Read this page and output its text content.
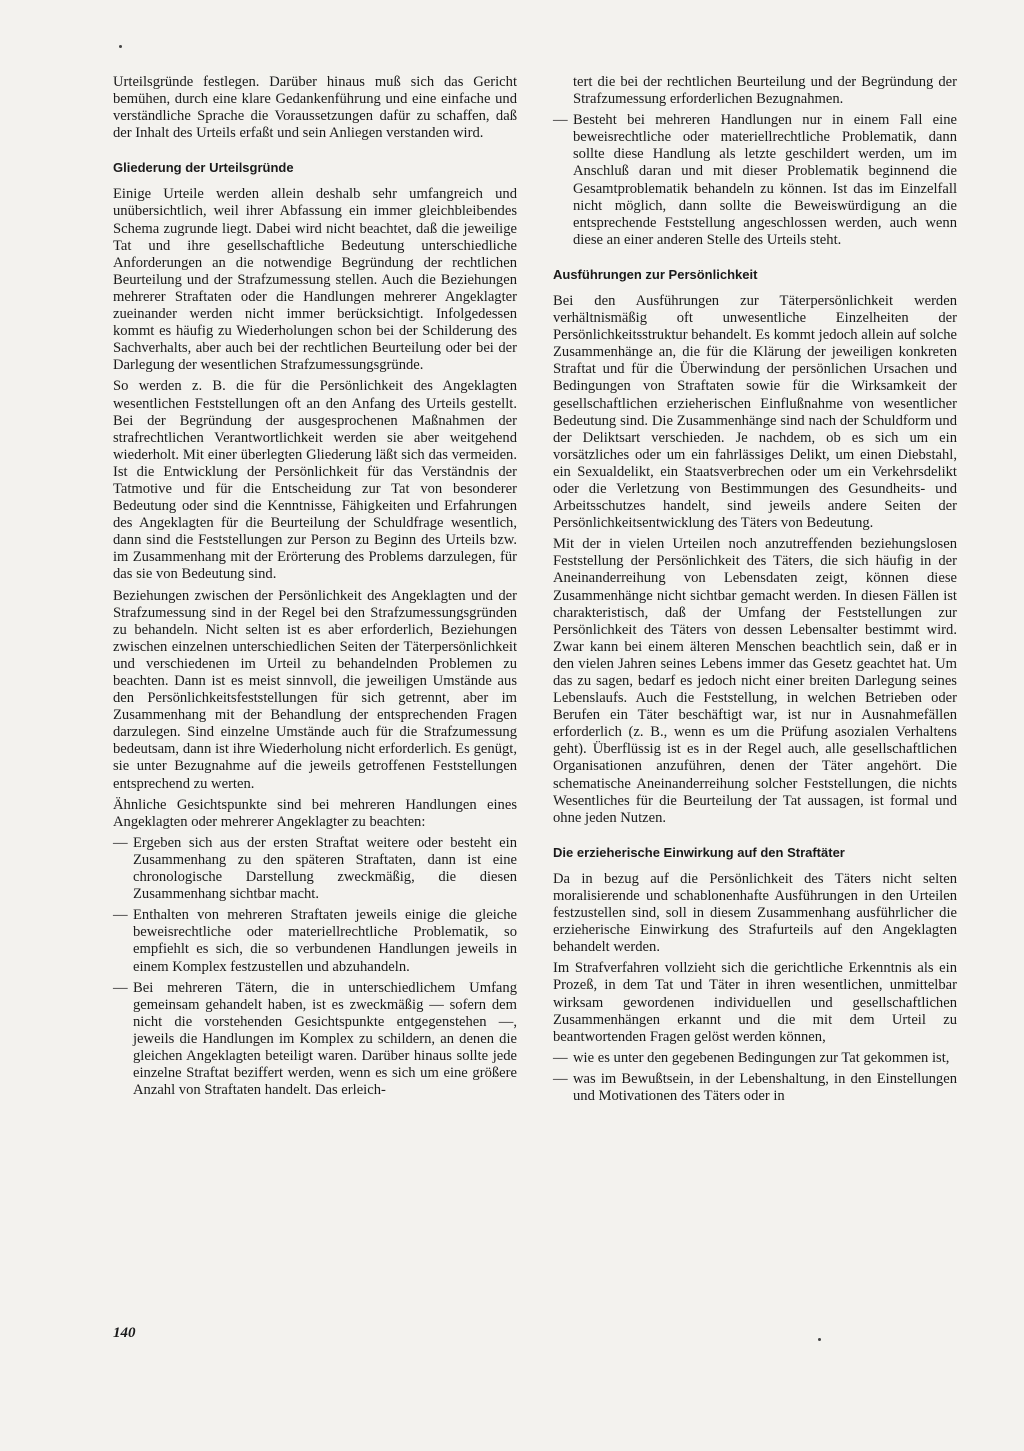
Urteilsgründe festlegen. Darüber hinaus muß sich das Gericht bemühen, durch eine klare Gedankenführung und eine einfache und verständliche Sprache die Voraussetzungen dafür zu schaffen, daß der Inhalt des Urteils erfaßt und sein Anliegen verstanden wird.

Gliederung der Urteilsgründe

Einige Urteile werden allein deshalb sehr umfangreich und unübersichtlich, weil ihrer Abfassung ein immer gleichbleibendes Schema zugrunde liegt. Dabei wird nicht beachtet, daß die jeweilige Tat und ihre gesellschaftliche Bedeutung unterschiedliche Anforderungen an die notwendige Begründung der rechtlichen Beurteilung und der Strafzumessung stellen. Auch die Beziehungen mehrerer Straftaten oder die Handlungen mehrerer Angeklagter zueinander werden nicht immer berücksichtigt. Infolgedessen kommt es häufig zu Wiederholungen schon bei der Schilderung des Sachverhalts, aber auch bei der rechtlichen Beurteilung oder bei der Darlegung der wesentlichen Strafzumessungsgründe.

So werden z. B. die für die Persönlichkeit des Angeklagten wesentlichen Feststellungen oft an den Anfang des Urteils gestellt. Bei der Begründung der ausgesprochenen Maßnahmen der strafrechtlichen Verantwortlichkeit werden sie aber weitgehend wiederholt. Mit einer überlegten Gliederung läßt sich das vermeiden. Ist die Entwicklung der Persönlichkeit für das Verständnis der Tatmotive und für die Entscheidung zur Tat von besonderer Bedeutung oder sind die Kenntnisse, Fähigkeiten und Erfahrungen des Angeklagten für die Beurteilung der Schuldfrage wesentlich, dann sind die Feststellungen zur Person zu Beginn des Urteils bzw. im Zusammenhang mit der Erörterung des Problems darzulegen, für das sie von Bedeutung sind.

Beziehungen zwischen der Persönlichkeit des Angeklagten und der Strafzumessung sind in der Regel bei den Strafzumessungsgründen zu behandeln. Nicht selten ist es aber erforderlich, Beziehungen zwischen einzelnen unterschiedlichen Seiten der Täterpersönlichkeit und verschiedenen im Urteil zu behandelnden Problemen zu beachten. Dann ist es meist sinnvoll, die jeweiligen Umstände aus den Persönlichkeitsfeststellungen für sich getrennt, aber im Zusammenhang mit der Behandlung der entsprechenden Fragen darzulegen. Sind einzelne Umstände auch für die Strafzumessung bedeutsam, dann ist ihre Wiederholung nicht erforderlich. Es genügt, sie unter Bezugnahme auf die jeweils getroffenen Feststellungen entsprechend zu werten.

Ähnliche Gesichtspunkte sind bei mehreren Handlungen eines Angeklagten oder mehrerer Angeklagter zu beachten:

— Ergeben sich aus der ersten Straftat weitere oder besteht ein Zusammenhang zu den späteren Straftaten, dann ist eine chronologische Darstellung zweckmäßig, die diesen Zusammenhang sichtbar macht.
— Enthalten von mehreren Straftaten jeweils einige die gleiche beweisrechtliche oder materiellrechtliche Problematik, so empfiehlt es sich, die so verbundenen Handlungen jeweils in einem Komplex festzustellen und abzuhandeln.
— Bei mehreren Tätern, die in unterschiedlichem Umfang gemeinsam gehandelt haben, ist es zweckmäßig — sofern dem nicht die vorstehenden Gesichtspunkte entgegenstehen —, jeweils die Handlungen im Komplex zu schildern, an denen die gleichen Angeklagten beteiligt waren. Darüber hinaus sollte jede einzelne Straftat beziffert werden, wenn es sich um eine größere Anzahl von Straftaten handelt. Das erleich-

tert die bei der rechtlichen Beurteilung und der Begründung der Strafzumessung erforderlichen Bezugnahmen.

— Besteht bei mehreren Handlungen nur in einem Fall eine beweisrechtliche oder materiellrechtliche Problematik, dann sollte diese Handlung als letzte geschildert werden, um im Anschluß daran und mit dieser Problematik beginnend die Gesamtproblematik behandeln zu können. Ist das im Einzelfall nicht möglich, dann sollte die Beweiswürdigung an die entsprechende Feststellung angeschlossen werden, auch wenn diese an einer anderen Stelle des Urteils steht.
Ausführungen zur Persönlichkeit

Bei den Ausführungen zur Täterpersönlichkeit werden verhältnismäßig oft unwesentliche Einzelheiten der Persönlichkeitsstruktur behandelt. Es kommt jedoch allein auf solche Zusammenhänge an, die für die Klärung der jeweiligen konkreten Straftat und für die Überwindung der persönlichen Ursachen und Bedingungen von Straftaten sowie für die Wirksamkeit der gesellschaftlichen erzieherischen Einflußnahme von wesentlicher Bedeutung sind. Die Zusammenhänge sind nach der Schuldform und der Deliktsart verschieden. Je nachdem, ob es sich um ein vorsätzliches oder um ein fahrlässiges Delikt, um einen Diebstahl, ein Sexualdelikt, ein Staatsverbrechen oder um ein Verkehrsdelikt oder die Verletzung von Bestimmungen des Gesundheits- und Arbeitsschutzes handelt, sind jeweils andere Seiten der Persönlichkeitsentwicklung des Täters von Bedeutung.

Mit der in vielen Urteilen noch anzutreffenden beziehungslosen Feststellung der Persönlichkeit des Täters, die sich häufig in der Aneinanderreihung von Lebensdaten zeigt, können diese Zusammenhänge nicht sichtbar gemacht werden. In diesen Fällen ist charakteristisch, daß der Umfang der Feststellungen zur Persönlichkeit des Täters von dessen Lebensalter bestimmt wird. Zwar kann bei einem älteren Menschen beachtlich sein, daß er in den vielen Jahren seines Lebens immer das Gesetz geachtet hat. Um das zu sagen, bedarf es jedoch nicht einer breiten Darlegung seines Lebenslaufs. Auch die Feststellung, in welchen Betrieben oder Berufen ein Täter beschäftigt war, ist nur in Ausnahmefällen erforderlich (z. B., wenn es um die Prüfung asozialen Verhaltens geht). Überflüssig ist es in der Regel auch, alle gesellschaftlichen Organisationen anzuführen, denen der Täter angehört. Die schematische Aneinanderreihung solcher Feststellungen, die nichts Wesentliches für die Beurteilung der Tat aussagen, ist formal und ohne jeden Nutzen.

Die erzieherische Einwirkung auf den Straftäter

Da in bezug auf die Persönlichkeit des Täters nicht selten moralisierende und schablonenhafte Ausführungen in den Urteilen festzustellen sind, soll in diesem Zusammenhang ausführlicher die erzieherische Einwirkung des Strafurteils auf den Angeklagten behandelt werden.

Im Strafverfahren vollzieht sich die gerichtliche Erkenntnis als ein Prozeß, in dem Tat und Täter in ihren wesentlichen, unmittelbar wirksam gewordenen individuellen und gesellschaftlichen Zusammenhängen erkannt und die mit dem Urteil zu beantwortenden Fragen gelöst werden können,

— wie es unter den gegebenen Bedingungen zur Tat gekommen ist,
— was im Bewußtsein, in der Lebenshaltung, in den Einstellungen und Motivationen des Täters oder in
140
